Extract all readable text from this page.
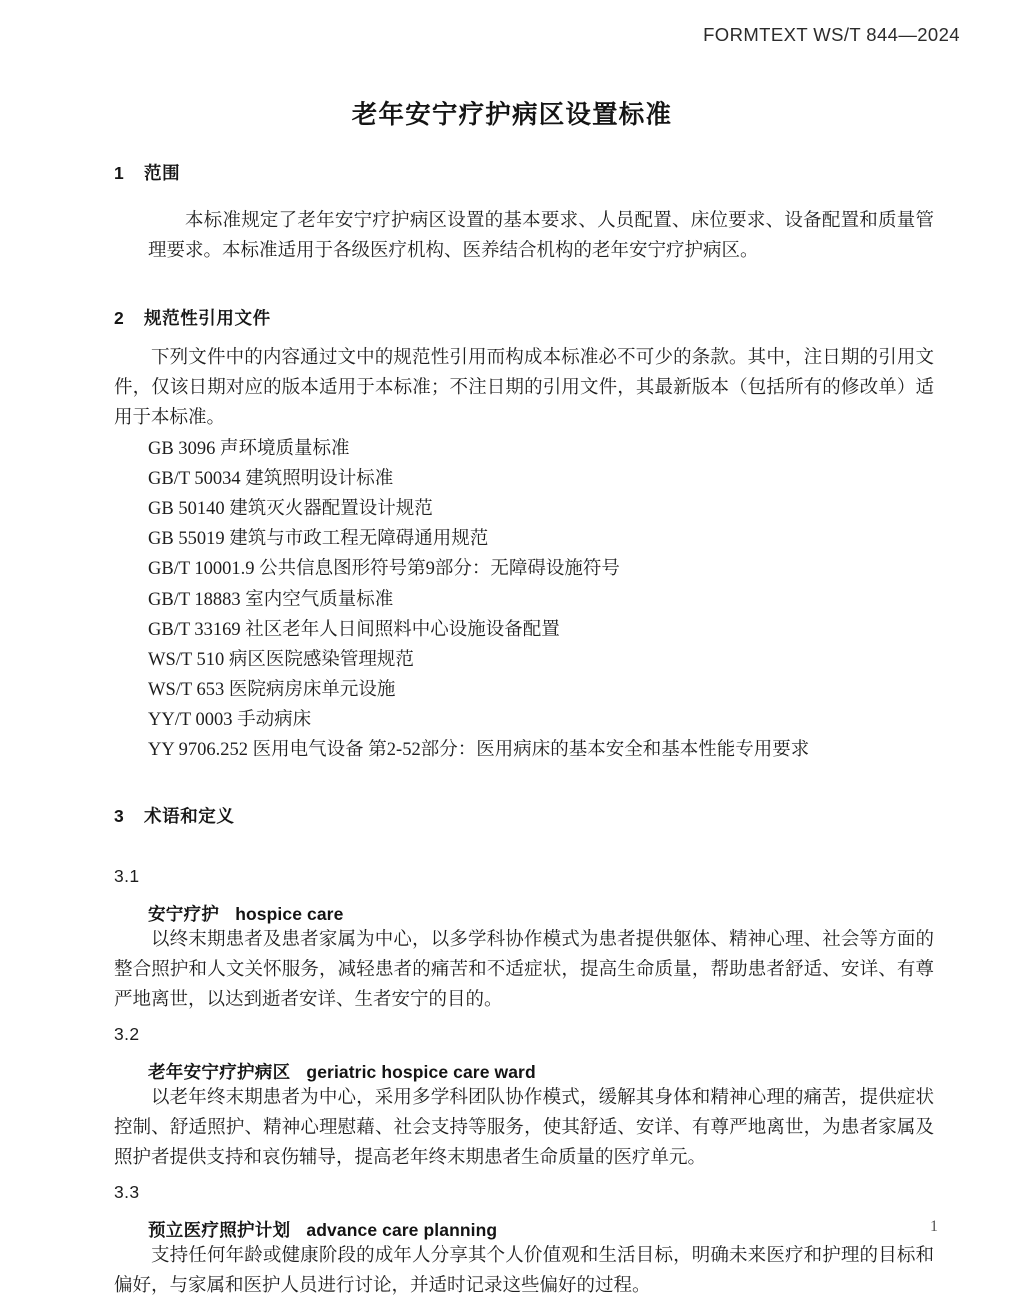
FORMTEXT WS/T 844—2024
老年安宁疗护病区设置标准
1 范围

本标准规定了老年安宁疗护病区设置的基本要求、人员配置、床位要求、设备配置和质量管理要求。本标准适用于各级医疗机构、医养结合机构的老年安宁疗护病区。

2 规范性引用文件

下列文件中的内容通过文中的规范性引用而构成本标准必不可少的条款。其中，注日期的引用文件，仅该日期对应的版本适用于本标准；不注日期的引用文件，其最新版本（包括所有的修改单）适用于本标准。

GB 3096 声环境质量标准
GB/T 50034 建筑照明设计标准
GB 50140 建筑灭火器配置设计规范
GB 55019 建筑与市政工程无障碍通用规范
GB/T 10001.9 公共信息图形符号第9部分：无障碍设施符号
GB/T 18883 室内空气质量标准
GB/T 33169 社区老年人日间照料中心设施设备配置
WS/T 510 病区医院感染管理规范
WS/T 653 医院病房床单元设施
YY/T 0003 手动病床
YY 9706.252 医用电气设备 第2-52部分：医用病床的基本安全和基本性能专用要求
3 术语和定义
3.1
安宁疗护 hospice care

以终末期患者及患者家属为中心，以多学科协作模式为患者提供躯体、精神心理、社会等方面的整合照护和人文关怀服务，减轻患者的痛苦和不适症状，提高生命质量，帮助患者舒适、安详、有尊严地离世，以达到逝者安详、生者安宁的目的。

3.2
老年安宁疗护病区 geriatric hospice care ward

以老年终末期患者为中心，采用多学科团队协作模式，缓解其身体和精神心理的痛苦，提供症状控制、舒适照护、精神心理慰藉、社会支持等服务，使其舒适、安详、有尊严地离世，为患者家属及照护者提供支持和哀伤辅导，提高老年终末期患者生命质量的医疗单元。

3.3
预立医疗照护计划 advance care planning

支持任何年龄或健康阶段的成年人分享其个人价值观和生活目标，明确未来医疗和护理的目标和偏好，与家属和医护人员进行讨论，并适时记录这些偏好的过程。

1
